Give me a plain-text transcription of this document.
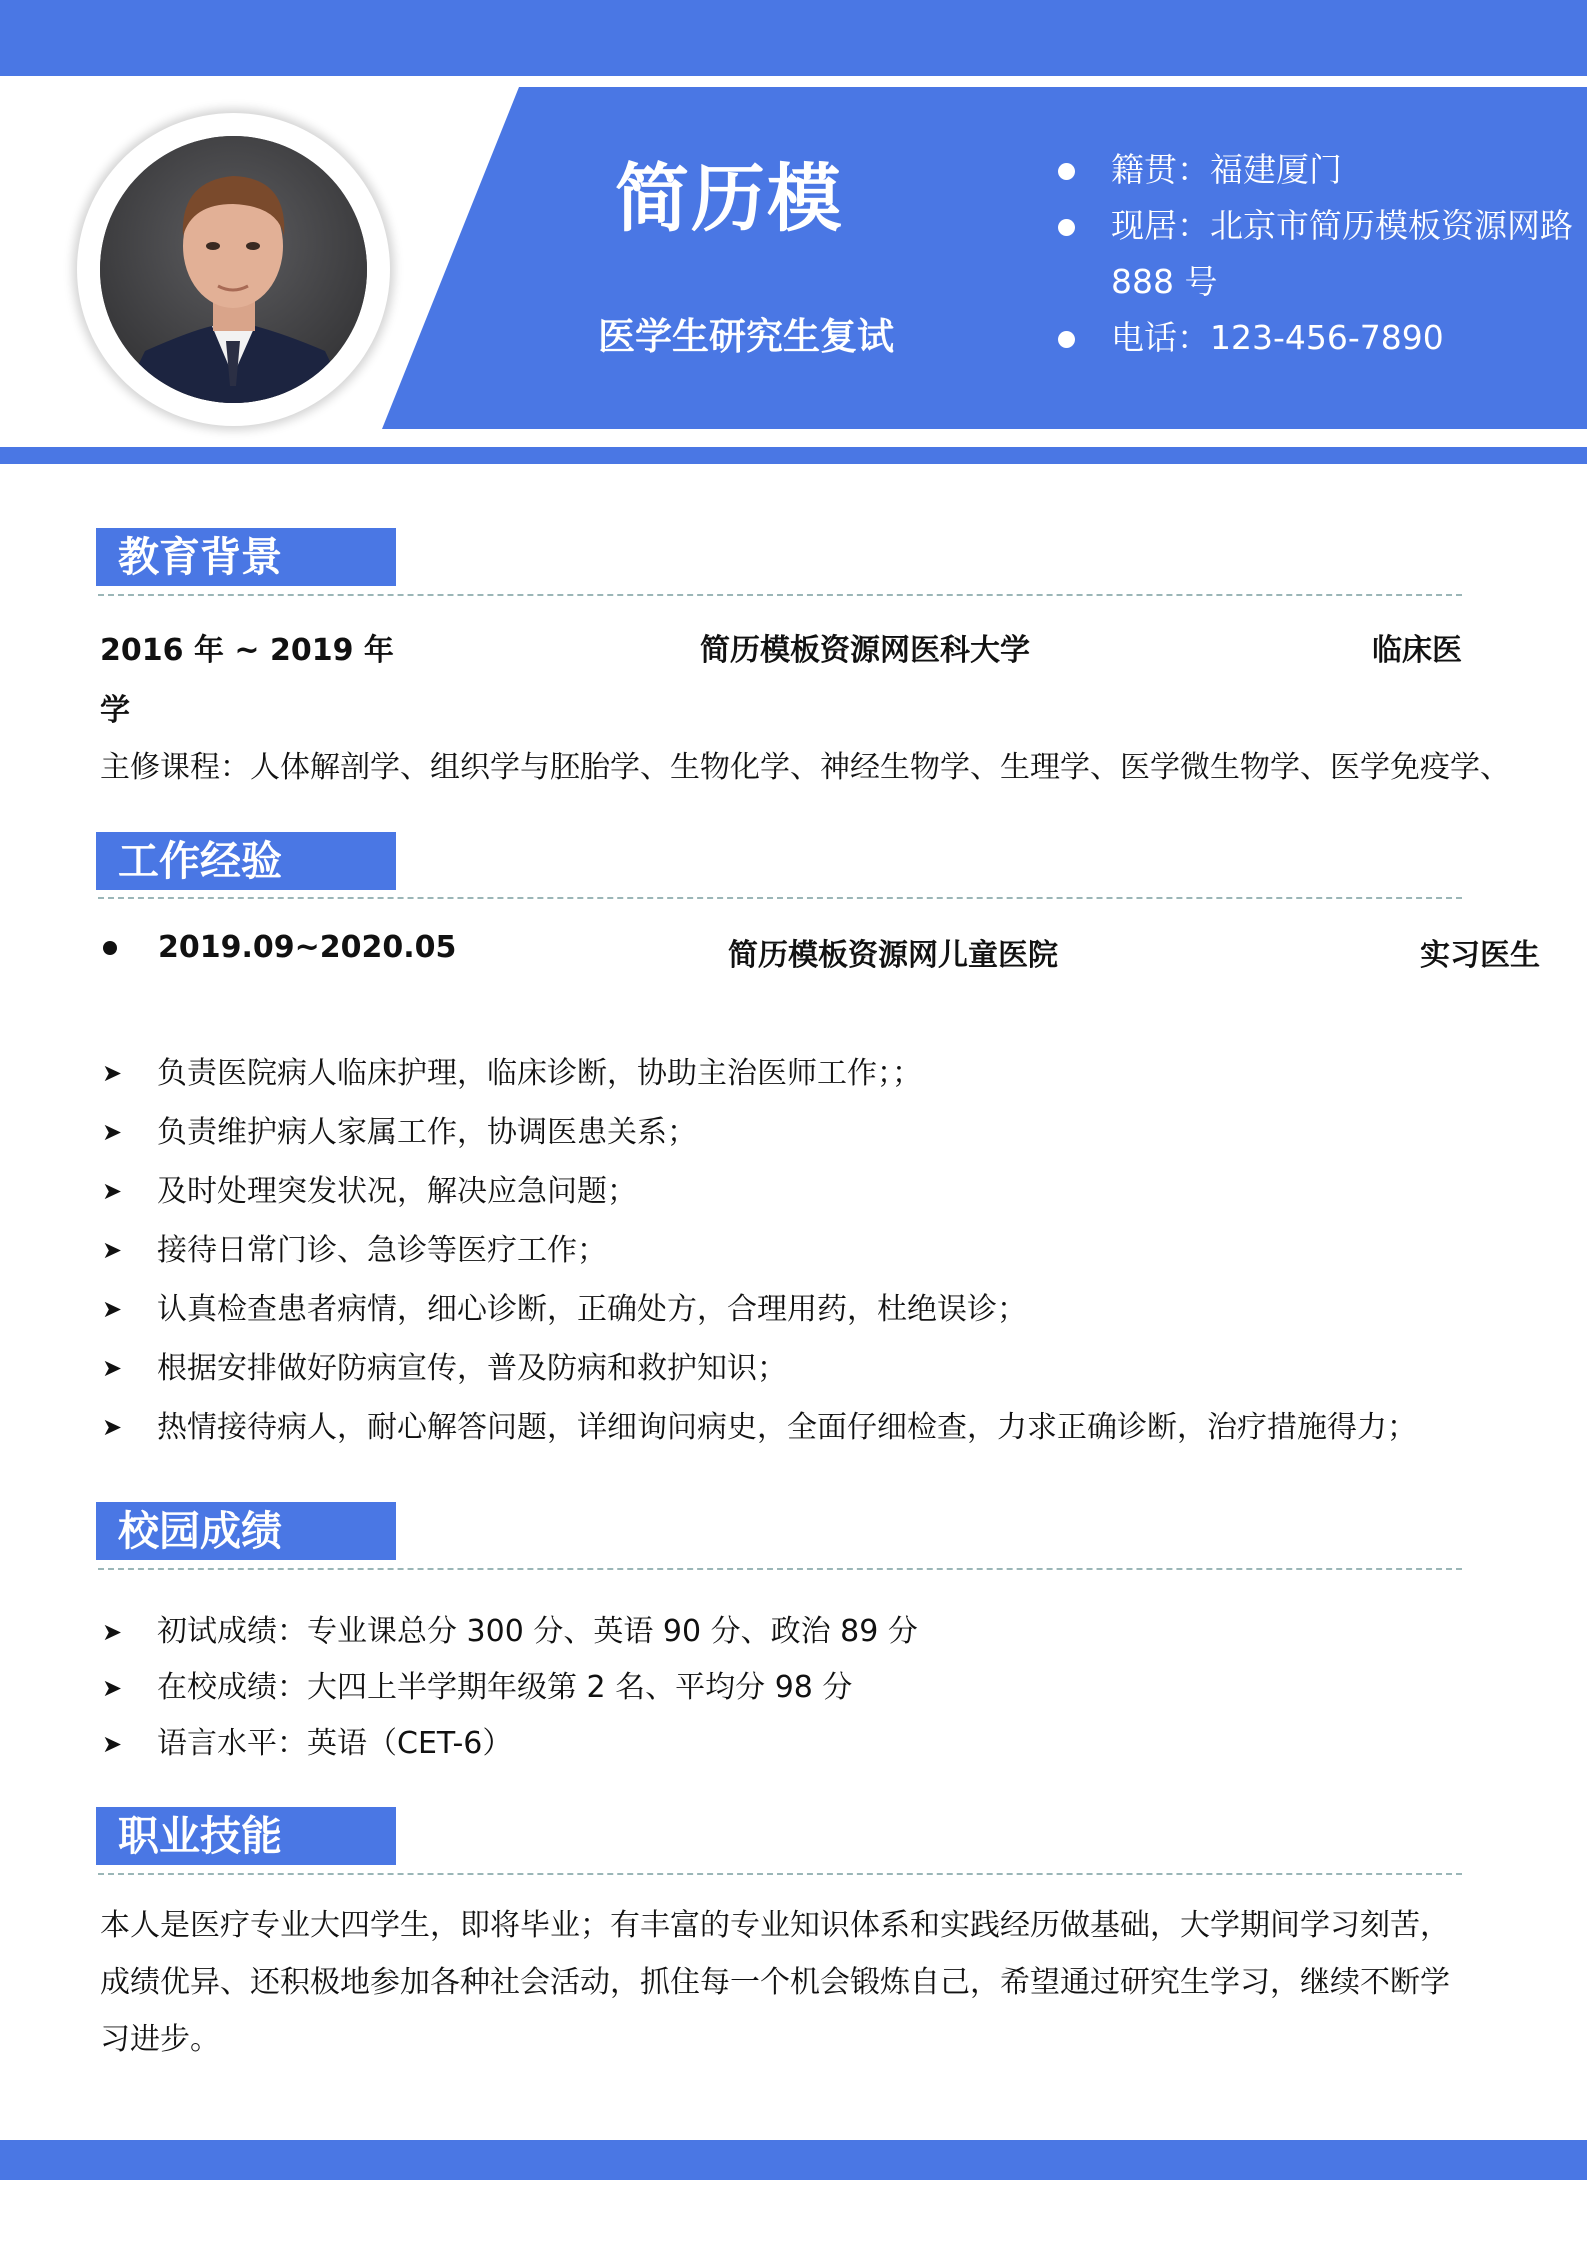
简历模
医学生研究生复试
籍贯：福建厦门
现居：北京市简历模板资源网路
888 号
电话：123-456-7890
教育背景
2016 年 ~ 2019 年	简历模板资源网医科大学	临床医
学
主修课程：人体解剖学、组织学与胚胎学、生物化学、神经生物学、生理学、医学微生物学、医学免疫学、
工作经验
2019.09~2020.05	简历模板资源网儿童医院	实习医生
➤ 负责医院病人临床护理，临床诊断，协助主治医师工作；；
➤ 负责维护病人家属工作，协调医患关系；
➤ 及时处理突发状况，解决应急问题；
➤ 接待日常门诊、急诊等医疗工作；
➤ 认真检查患者病情，细心诊断，正确处方，合理用药，杜绝误诊；
➤ 根据安排做好防病宣传，普及防病和救护知识；
➤ 热情接待病人，耐心解答问题，详细询问病史，全面仔细检查，力求正确诊断，治疗措施得力；
校园成绩
➤ 初试成绩：专业课总分 300 分、英语 90 分、政治 89 分
➤ 在校成绩：大四上半学期年级第 2 名、平均分 98 分
➤ 语言水平：英语（CET-6）
职业技能
本人是医疗专业大四学生，即将毕业；有丰富的专业知识体系和实践经历做基础，大学期间学习刻苦，成绩优异、还积极地参加各种社会活动，抓住每一个机会锻炼自己，希望通过研究生学习，继续不断学习进步。
